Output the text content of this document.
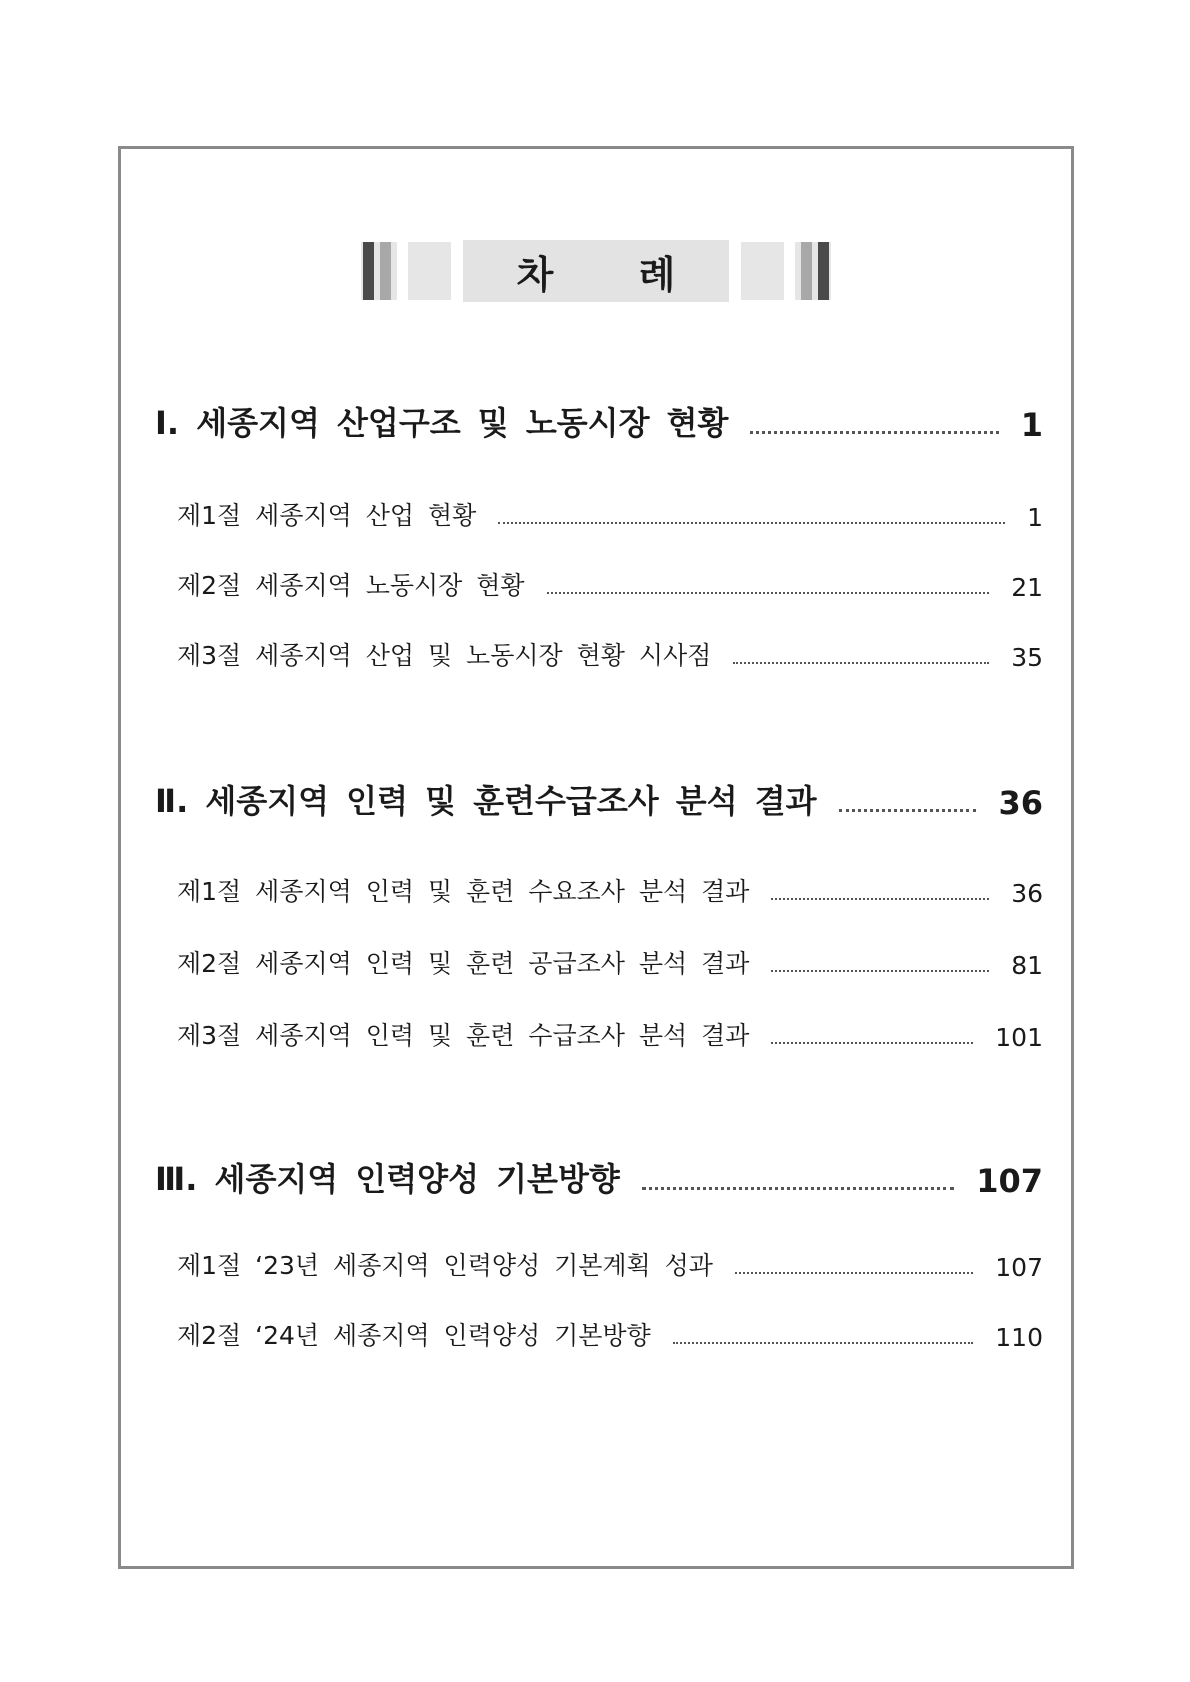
차 례
Ⅰ. 세종지역 산업구조 및 노동시장 현황	1
제1절 세종지역 산업 현황	1
제2절 세종지역 노동시장 현황	21
제3절 세종지역 산업 및 노동시장 현황 시사점	35
Ⅱ. 세종지역 인력 및 훈련수급조사 분석 결과	36
제1절 세종지역 인력 및 훈련 수요조사 분석 결과	36
제2절 세종지역 인력 및 훈련 공급조사 분석 결과	81
제3절 세종지역 인력 및 훈련 수급조사 분석 결과	101
Ⅲ. 세종지역 인력양성 기본방향	107
제1절 ‘23년 세종지역 인력양성 기본계획 성과	107
제2절 ‘24년 세종지역 인력양성 기본방향	110
